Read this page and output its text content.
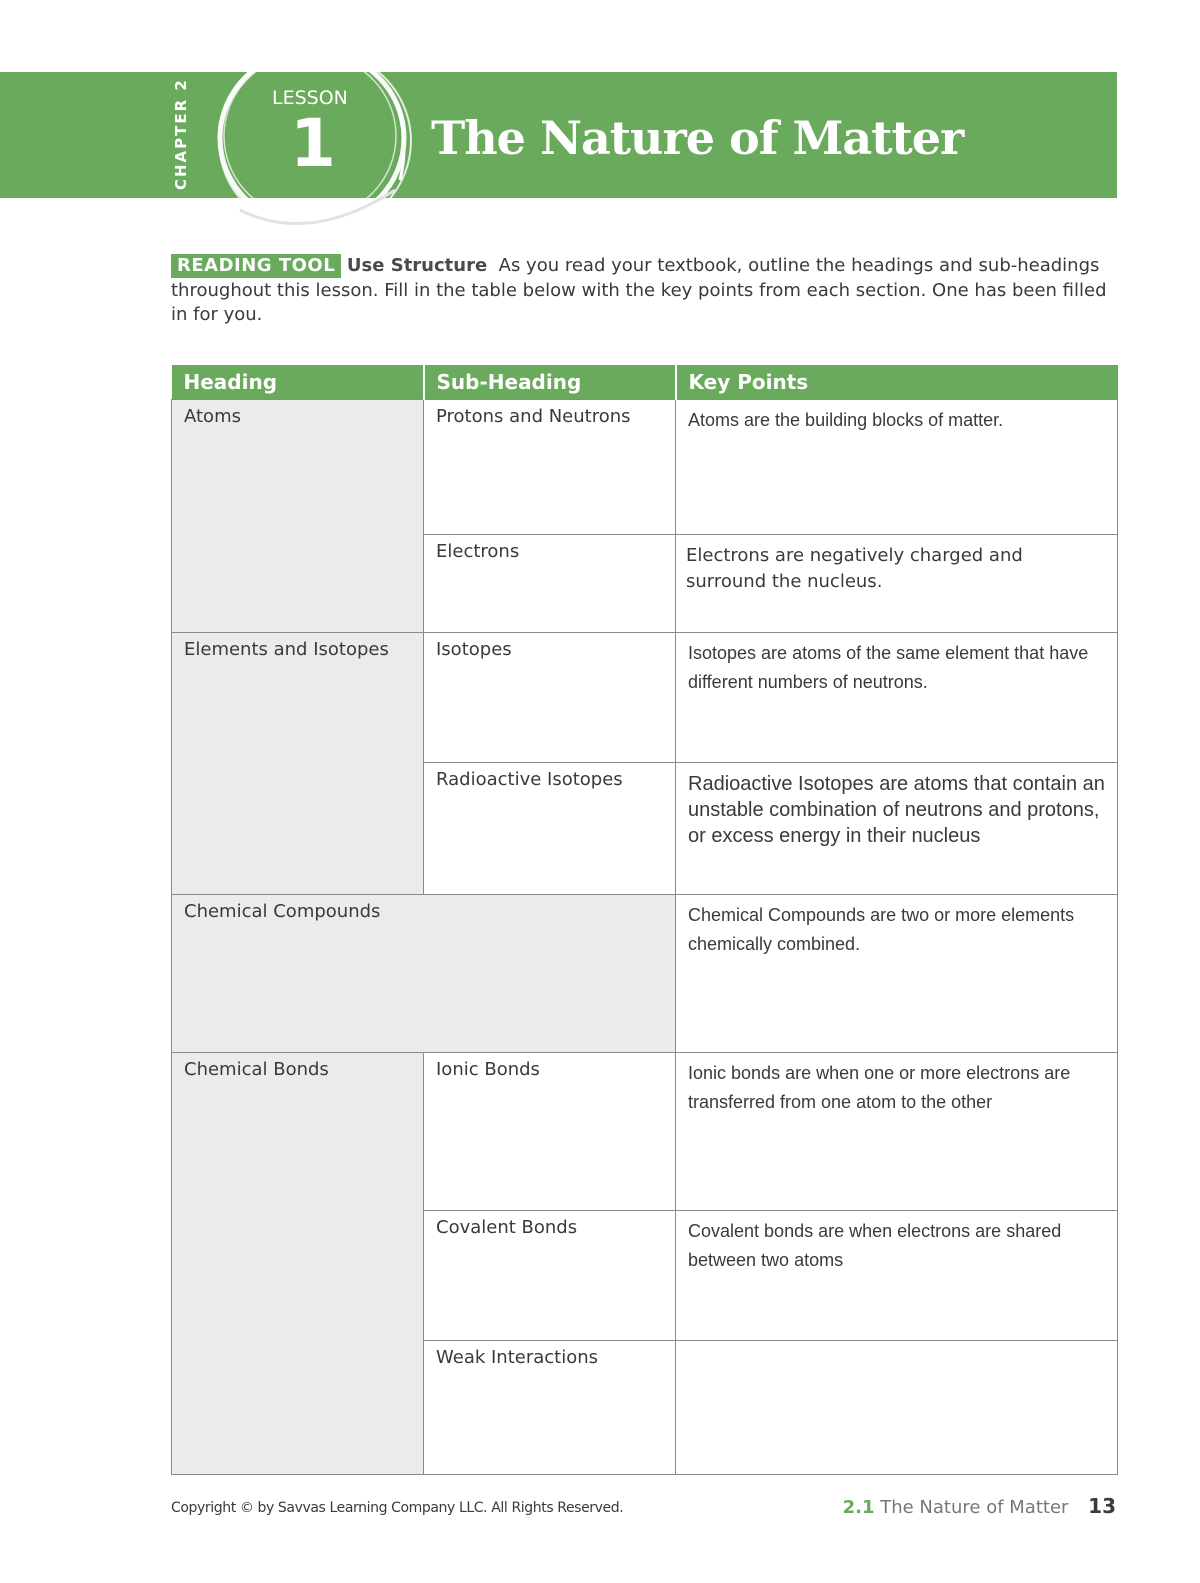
CHAPTER 2	LESSON
1 The Nature of Matter
READING TOOL Use Structure As you read your textbook, outline the headings and sub-headings throughout this lesson. Fill in the table below with the key points from each section. One has been filled in for you.
Heading	Sub-Heading	Key Points
Atoms	Protons and Neutrons	Atoms are the building blocks of matter.
	Electrons	Electrons are negatively charged and surround the nucleus.
Elements and Isotopes	Isotopes	Isotopes are atoms of the same element that have different numbers of neutrons.
	Radioactive Isotopes	Radioactive Isotopes are atoms that contain an unstable combination of neutrons and protons, or excess energy in their nucleus
Chemical Compounds		Chemical Compounds are two or more elements chemically combined.
Chemical Bonds	Ionic Bonds	Ionic bonds are when one or more electrons are transferred from one atom to the other
	Covalent Bonds	Covalent bonds are when electrons are shared between two atoms
	Weak Interactions	
Copyright © by Savvas Learning Company LLC. All Rights Reserved.	2.1 The Nature of Matter 13
